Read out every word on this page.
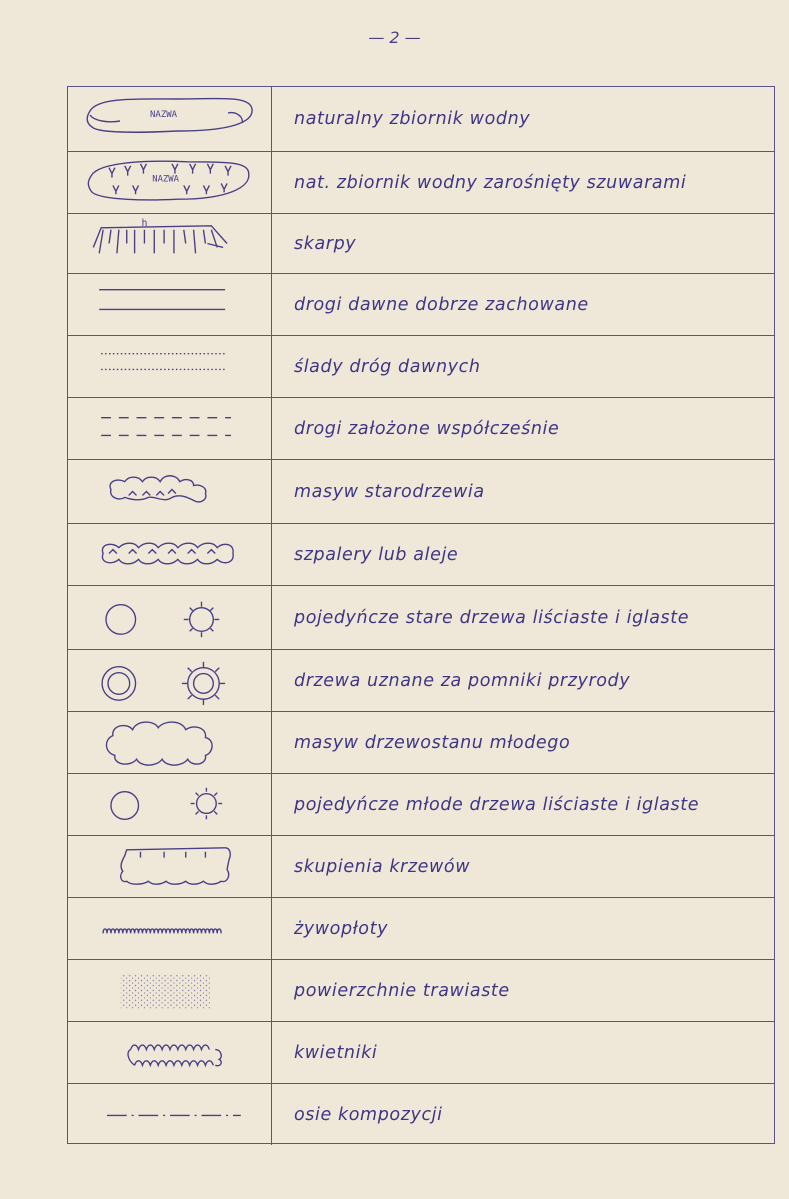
— 2 —
NAZWA	naturalny zbiornik wodny
NAZWA	nat. zbiornik wodny zarośnięty szuwarami
h
skarpy
drogi dawne dobrze zachowane
ślady dróg dawnych
drogi założone współcześnie
masyw starodrzewia
szpalery lub aleje
pojedyńcze stare drzewa liściaste i iglaste
drzewa uznane za pomniki przyrody
masyw drzewostanu młodego
pojedyńcze młode drzewa liściaste i iglaste
skupienia krzewów
żywopłoty
powierzchnie trawiaste
kwietniki
osie kompozycji
